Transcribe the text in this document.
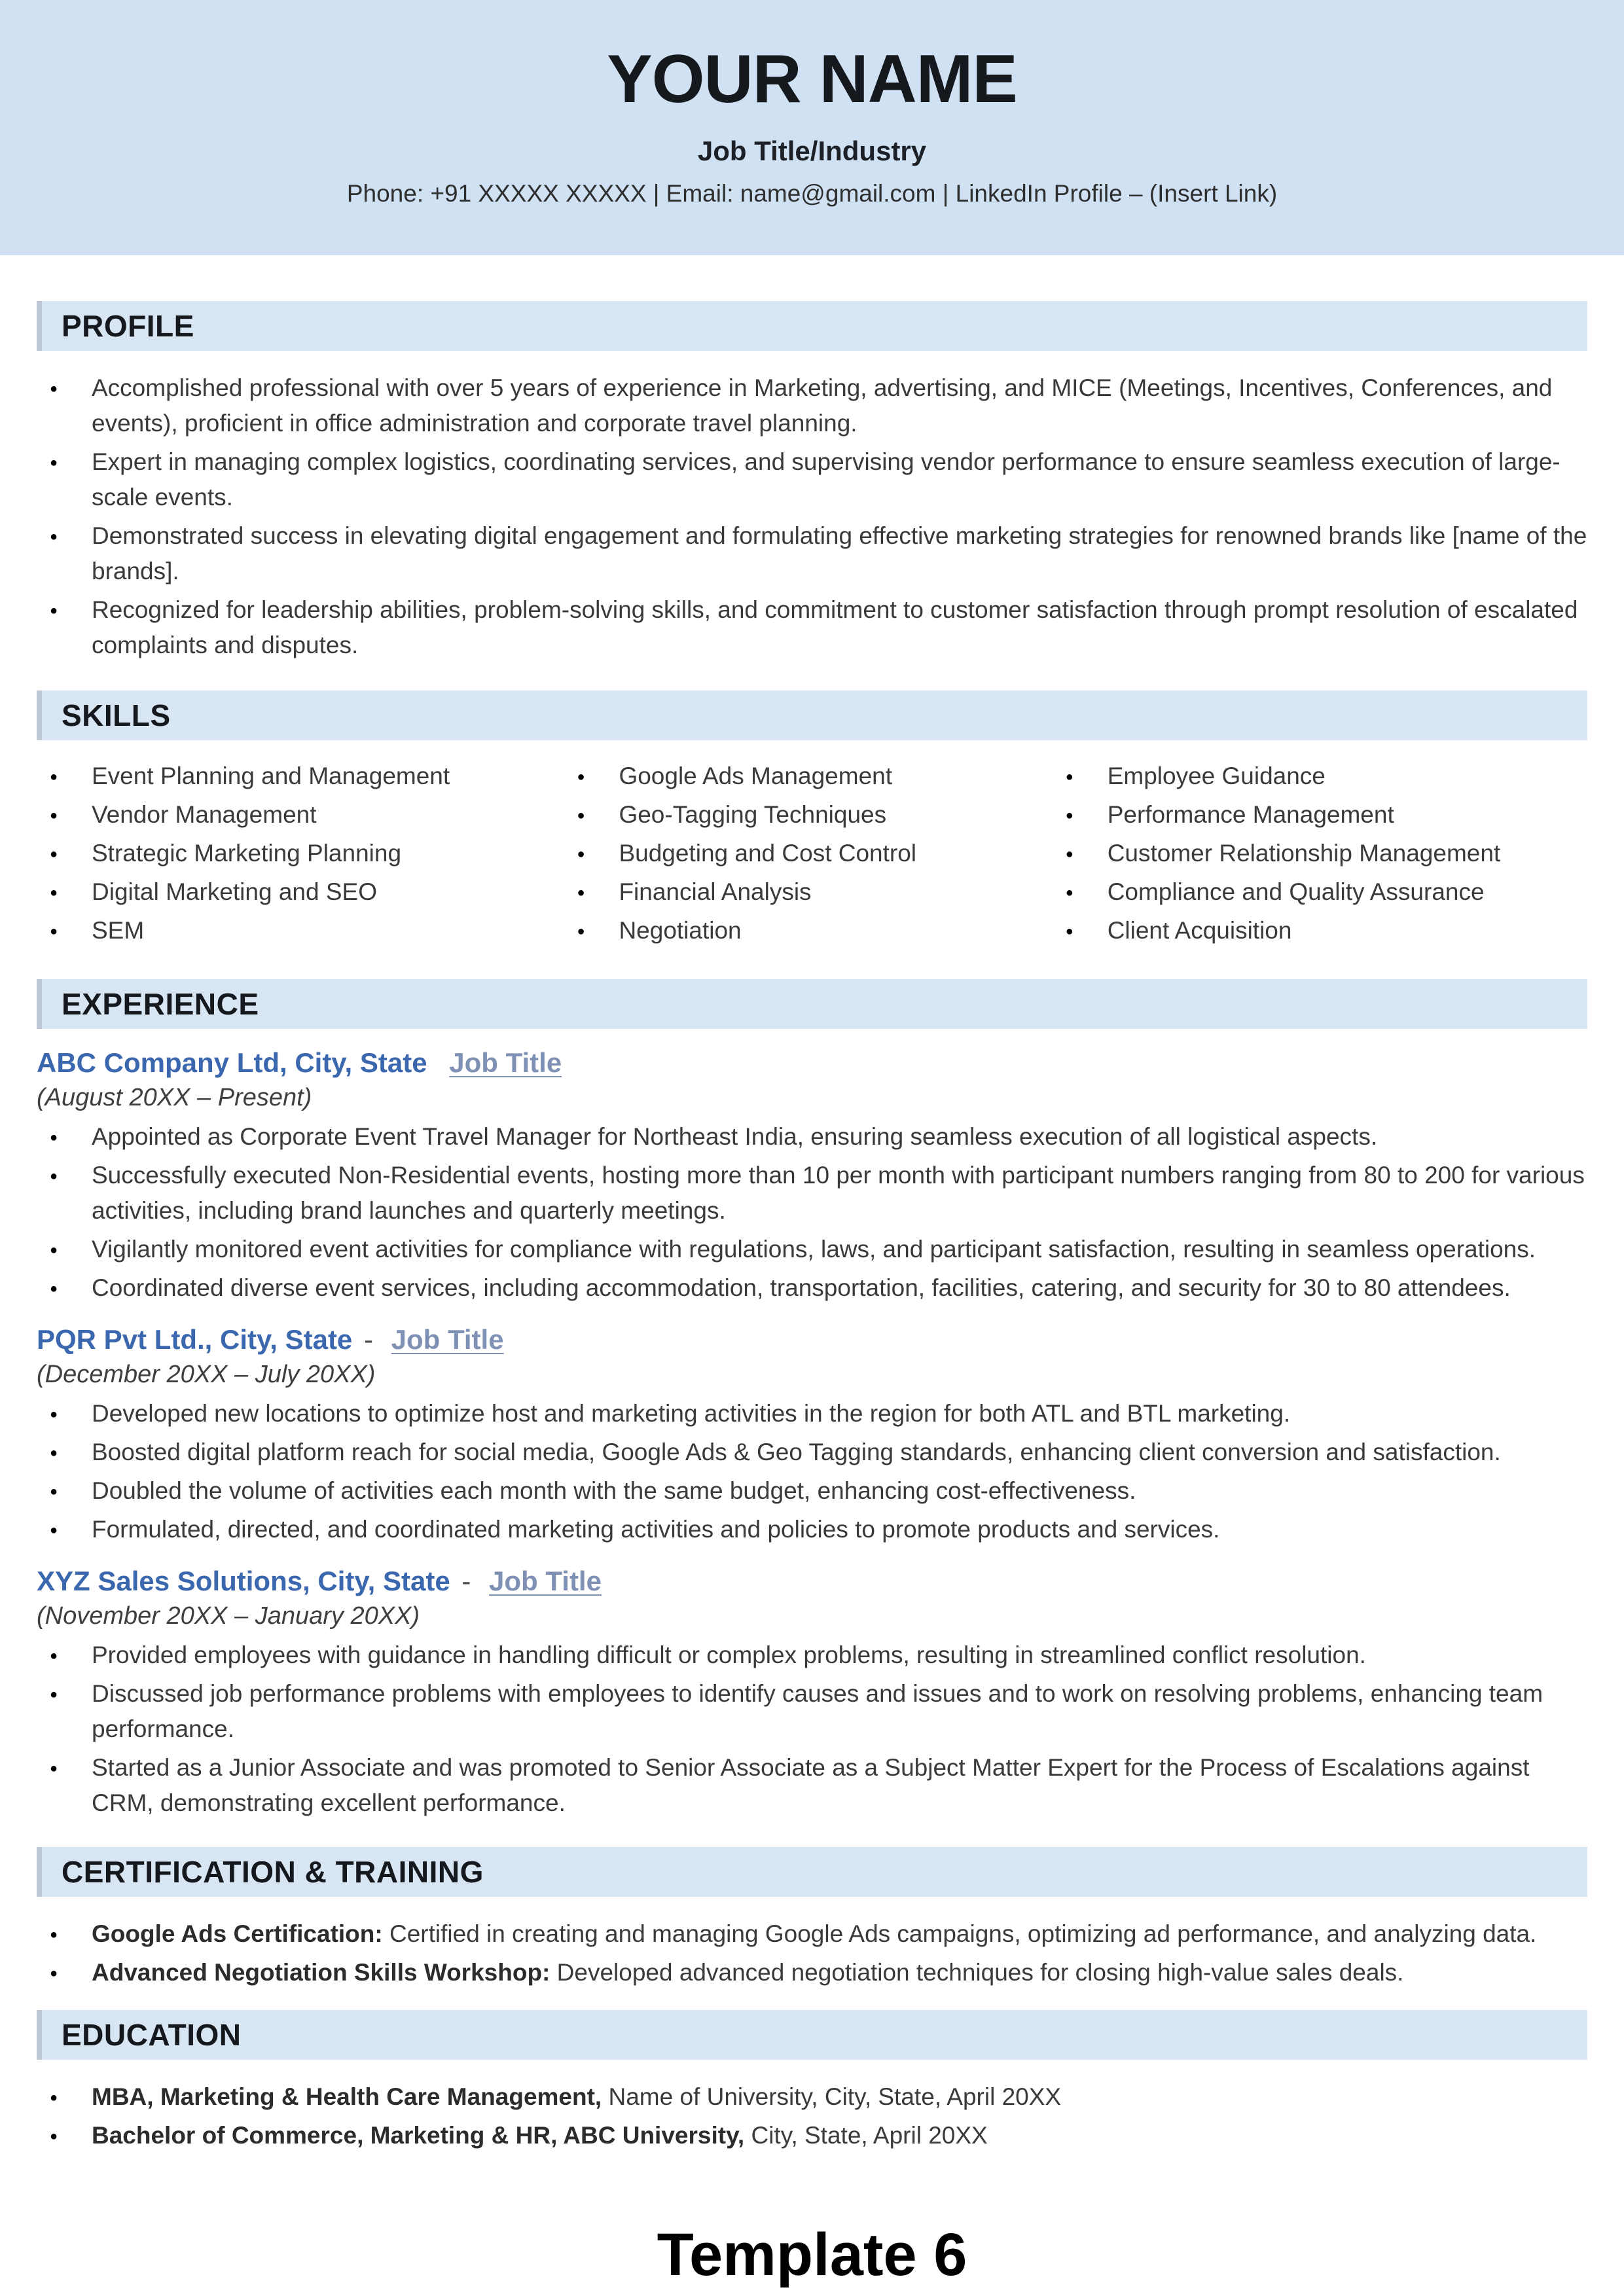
YOUR NAME
Job Title/Industry
Phone: +91 XXXXX XXXXX | Email: name@gmail.com | LinkedIn Profile – (Insert Link)
PROFILE
● Accomplished professional with over 5 years of experience in Marketing, advertising, and MICE (Meetings, Incentives, Conferences, and events), proficient in office administration and corporate travel planning.
● Expert in managing complex logistics, coordinating services, and supervising vendor performance to ensure seamless execution of large-scale events.
● Demonstrated success in elevating digital engagement and formulating effective marketing strategies for renowned brands like [name of the brands].
● Recognized for leadership abilities, problem-solving skills, and commitment to customer satisfaction through prompt resolution of escalated complaints and disputes.
SKILLS
● Event Planning and Management
● Vendor Management
● Strategic Marketing Planning
● Digital Marketing and SEO
● SEM
● Google Ads Management
● Geo-Tagging Techniques
● Budgeting and Cost Control
● Financial Analysis
● Negotiation
● Employee Guidance
● Performance Management
● Customer Relationship Management
● Compliance and Quality Assurance
● Client Acquisition
EXPERIENCE
ABC Company Ltd, City, State Job Title
(August 20XX – Present)
● Appointed as Corporate Event Travel Manager for Northeast India, ensuring seamless execution of all logistical aspects.
● Successfully executed Non-Residential events, hosting more than 10 per month with participant numbers ranging from 80 to 200 for various activities, including brand launches and quarterly meetings.
● Vigilantly monitored event activities for compliance with regulations, laws, and participant satisfaction, resulting in seamless operations.
● Coordinated diverse event services, including accommodation, transportation, facilities, catering, and security for 30 to 80 attendees.
PQR Pvt Ltd., City, State - Job Title
(December 20XX – July 20XX)
● Developed new locations to optimize host and marketing activities in the region for both ATL and BTL marketing.
● Boosted digital platform reach for social media, Google Ads & Geo Tagging standards, enhancing client conversion and satisfaction.
● Doubled the volume of activities each month with the same budget, enhancing cost-effectiveness.
● Formulated, directed, and coordinated marketing activities and policies to promote products and services.
XYZ Sales Solutions, City, State - Job Title
(November 20XX – January 20XX)
● Provided employees with guidance in handling difficult or complex problems, resulting in streamlined conflict resolution.
● Discussed job performance problems with employees to identify causes and issues and to work on resolving problems, enhancing team performance.
● Started as a Junior Associate and was promoted to Senior Associate as a Subject Matter Expert for the Process of Escalations against CRM, demonstrating excellent performance.
CERTIFICATION & TRAINING
● Google Ads Certification: Certified in creating and managing Google Ads campaigns, optimizing ad performance, and analyzing data.
● Advanced Negotiation Skills Workshop: Developed advanced negotiation techniques for closing high-value sales deals.
EDUCATION
● MBA, Marketing & Health Care Management, Name of University, City, State, April 20XX
● Bachelor of Commerce, Marketing & HR, ABC University, City, State, April 20XX
Template 6
